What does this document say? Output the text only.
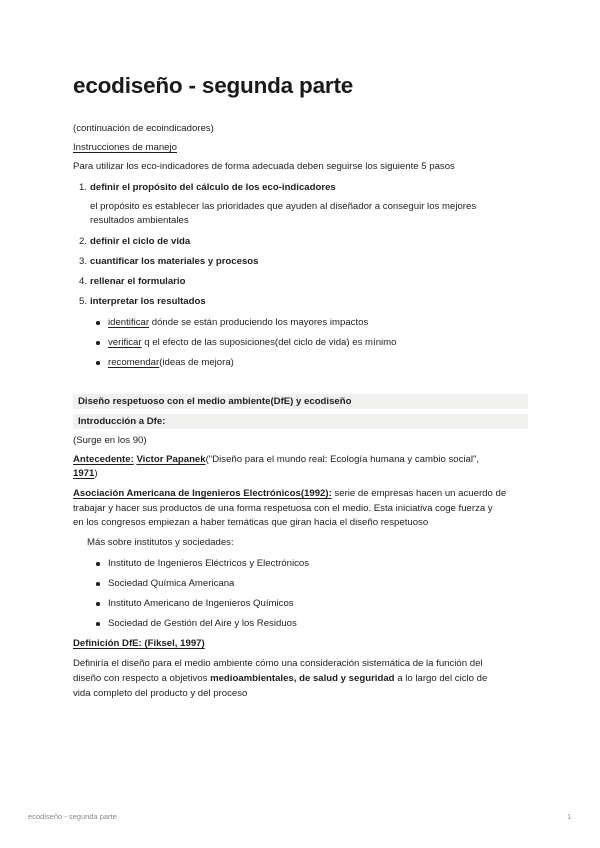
ecodiseño - segunda parte
(continuación de ecoindicadores)
Instrucciones de manejo
Para utilizar los eco-indicadores de forma adecuada deben seguirse los siguiente 5 pasos
1. definir el propósito del cálculo de los eco-indicadores
el propósito es establecer las prioridades que ayuden al diseñador a conseguir los mejores
resultados ambientales
2. definir el ciclo de vida
3. cuantificar los materiales y procesos
4. rellenar el formulario
5. interpretar los resultados
identificar dónde se están produciendo los mayores impactos
verificar q el efecto de las suposiciones(del ciclo de vida) es mínimo
recomendar(ideas de mejora)
Diseño respetuoso con el medio ambiente(DfE) y ecodiseño
Introducción a Dfe:
(Surge en los 90)
Antecedente: Victor Papanek("Diseño para el mundo real: Ecología humana y cambio social",
1971)
Asociación Americana de Ingenieros Electrónicos(1992): serie de empresas hacen un acuerdo de
trabajar y hacer sus productos de una forma respetuosa con el medio. Esta iniciativa coge fuerza y
en los congresos empiezan a haber temáticas que giran hacia el diseño respetuoso
Más sobre institutos y sociedades:
Instituto de Ingenieros Eléctricos y Electrónicos
Sociedad Química Americana
Instituto Americano de Ingenieros Químicos
Sociedad de Gestión del Aire y los Residuos
Definición DfE: (Fiksel, 1997)
Definiría el diseño para el medio ambiente cómo una consideración sistemática de la función del
diseño con respecto a objetivos medioambientales, de salud y seguridad a lo largo del ciclo de
vida completo del producto y del proceso
ecodiseño - segunda parte	1
